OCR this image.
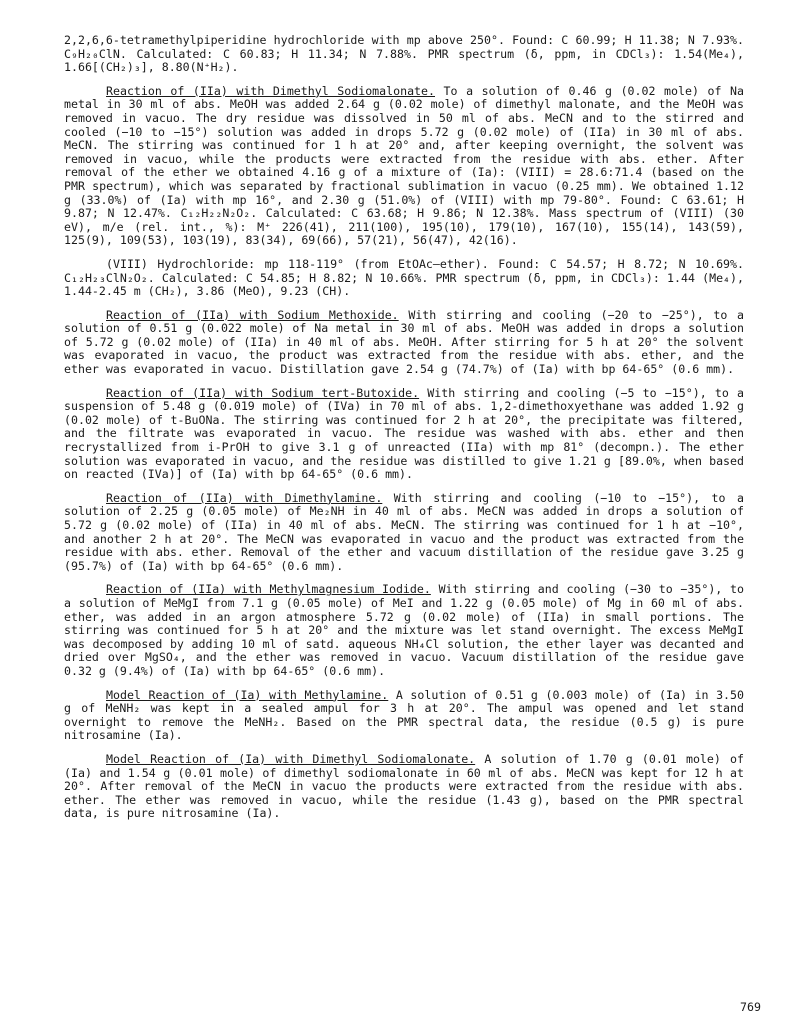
2,2,6,6-tetramethylpiperidine hydrochloride with mp above 250°. Found: C 60.99; H 11.38; N 7.93%. C₉H₂₀ClN. Calculated: C 60.83; H 11.34; N 7.88%. PMR spectrum (δ, ppm, in CDCl₃): 1.54(Me₄), 1.66[(CH₂)₃], 8.80(N⁺H₂).

Reaction of (IIa) with Dimethyl Sodiomalonate. To a solution of 0.46 g (0.02 mole) of Na metal in 30 ml of abs. MeOH was added 2.64 g (0.02 mole) of dimethyl malonate, and the MeOH was removed in vacuo. The dry residue was dissolved in 50 ml of abs. MeCN and to the stirred and cooled (−10 to −15°) solution was added in drops 5.72 g (0.02 mole) of (IIa) in 30 ml of abs. MeCN. The stirring was continued for 1 h at 20° and, after keeping overnight, the solvent was removed in vacuo, while the products were extracted from the residue with abs. ether. After removal of the ether we obtained 4.16 g of a mixture of (Ia): (VIII) = 28.6:71.4 (based on the PMR spectrum), which was separated by fractional sublimation in vacuo (0.25 mm). We obtained 1.12 g (33.0%) of (Ia) with mp 16°, and 2.30 g (51.0%) of (VIII) with mp 79-80°. Found: C 63.61; H 9.87; N 12.47%. C₁₂H₂₂N₂O₂. Calculated: C 63.68; H 9.86; N 12.38%. Mass spectrum of (VIII) (30 eV), m/e (rel. int., %): M⁺ 226(41), 211(100), 195(10), 179(10), 167(10), 155(14), 143(59), 125(9), 109(53), 103(19), 83(34), 69(66), 57(21), 56(47), 42(16).

(VIII) Hydrochloride: mp 118-119° (from EtOAc—ether). Found: C 54.57; H 8.72; N 10.69%. C₁₂H₂₃ClN₂O₂. Calculated: C 54.85; H 8.82; N 10.66%. PMR spectrum (δ, ppm, in CDCl₃): 1.44 (Me₄), 1.44-2.45 m (CH₂), 3.86 (MeO), 9.23 (CH).

Reaction of (IIa) with Sodium Methoxide. With stirring and cooling (−20 to −25°), to a solution of 0.51 g (0.022 mole) of Na metal in 30 ml of abs. MeOH was added in drops a solution of 5.72 g (0.02 mole) of (IIa) in 40 ml of abs. MeOH. After stirring for 5 h at 20° the solvent was evaporated in vacuo, the product was extracted from the residue with abs. ether, and the ether was evaporated in vacuo. Distillation gave 2.54 g (74.7%) of (Ia) with bp 64-65° (0.6 mm).

Reaction of (IIa) with Sodium tert-Butoxide. With stirring and cooling (−5 to −15°), to a suspension of 5.48 g (0.019 mole) of (IVa) in 70 ml of abs. 1,2-dimethoxyethane was added 1.92 g (0.02 mole) of t-BuONa. The stirring was continued for 2 h at 20°, the precipitate was filtered, and the filtrate was evaporated in vacuo. The residue was washed with abs. ether and then recrystallized from i-PrOH to give 3.1 g of unreacted (IIa) with mp 81° (decompn.). The ether solution was evaporated in vacuo, and the residue was distilled to give 1.21 g [89.0%, when based on reacted (IVa)] of (Ia) with bp 64-65° (0.6 mm).

Reaction of (IIa) with Dimethylamine. With stirring and cooling (−10 to −15°), to a solution of 2.25 g (0.05 mole) of Me₂NH in 40 ml of abs. MeCN was added in drops a solution of 5.72 g (0.02 mole) of (IIa) in 40 ml of abs. MeCN. The stirring was continued for 1 h at −10°, and another 2 h at 20°. The MeCN was evaporated in vacuo and the product was extracted from the residue with abs. ether. Removal of the ether and vacuum distillation of the residue gave 3.25 g (95.7%) of (Ia) with bp 64-65° (0.6 mm).

Reaction of (IIa) with Methylmagnesium Iodide. With stirring and cooling (−30 to −35°), to a solution of MeMgI from 7.1 g (0.05 mole) of MeI and 1.22 g (0.05 mole) of Mg in 60 ml of abs. ether, was added in an argon atmosphere 5.72 g (0.02 mole) of (IIa) in small portions. The stirring was continued for 5 h at 20° and the mixture was let stand overnight. The excess MeMgI was decomposed by adding 10 ml of satd. aqueous NH₄Cl solution, the ether layer was decanted and dried over MgSO₄, and the ether was removed in vacuo. Vacuum distillation of the residue gave 0.32 g (9.4%) of (Ia) with bp 64-65° (0.6 mm).

Model Reaction of (Ia) with Methylamine. A solution of 0.51 g (0.003 mole) of (Ia) in 3.50 g of MeNH₂ was kept in a sealed ampul for 3 h at 20°. The ampul was opened and let stand overnight to remove the MeNH₂. Based on the PMR spectral data, the residue (0.5 g) is pure nitrosamine (Ia).

Model Reaction of (Ia) with Dimethyl Sodiomalonate. A solution of 1.70 g (0.01 mole) of (Ia) and 1.54 g (0.01 mole) of dimethyl sodiomalonate in 60 ml of abs. MeCN was kept for 12 h at 20°. After removal of the MeCN in vacuo the products were extracted from the residue with abs. ether. The ether was removed in vacuo, while the residue (1.43 g), based on the PMR spectral data, is pure nitrosamine (Ia).

769
